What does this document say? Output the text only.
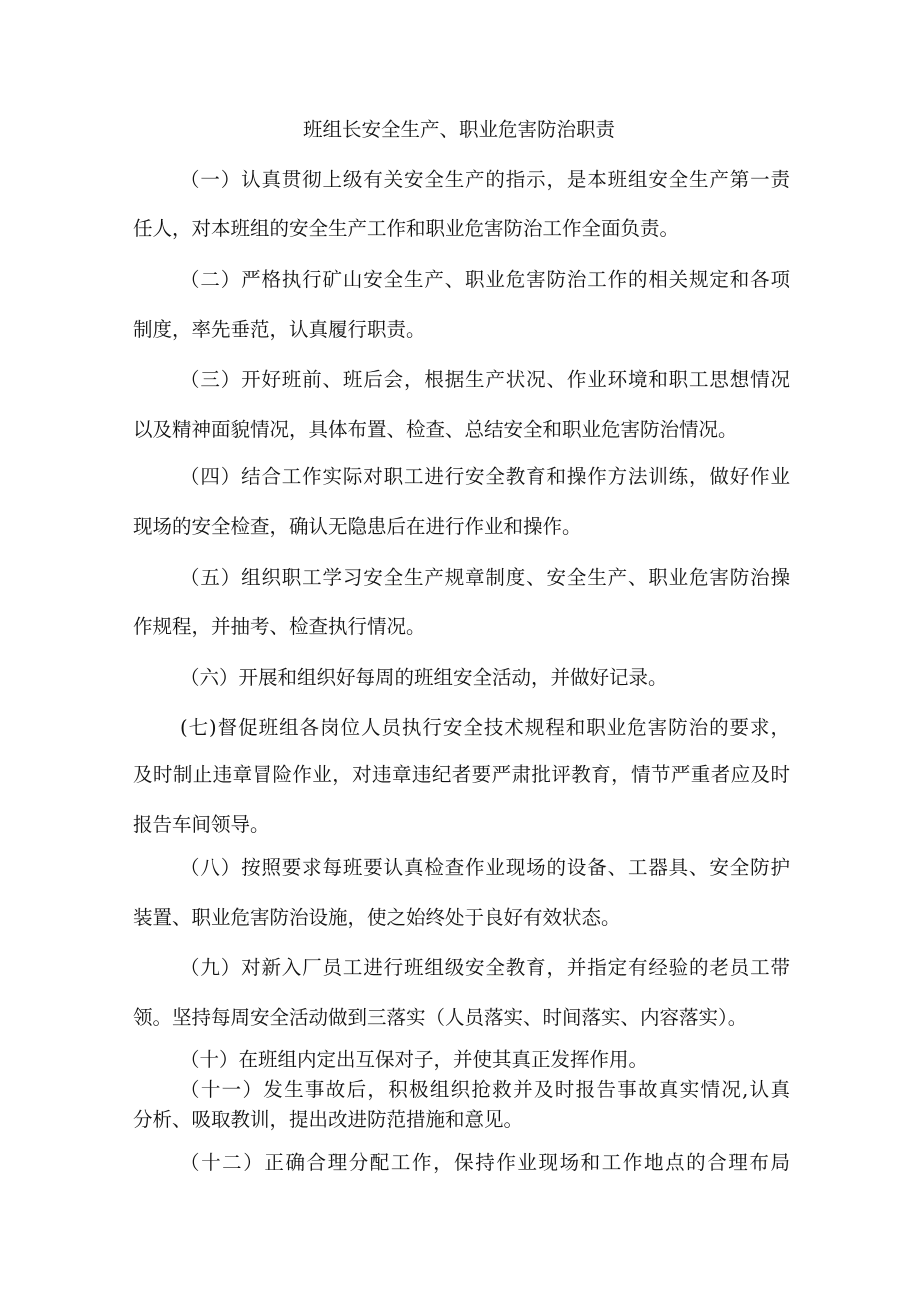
班组长安全生产、职业危害防治职责
（一）认真贯彻上级有关安全生产的指示，是本班组安全生产第一责
任人，对本班组的安全生产工作和职业危害防治工作全面负责。
（二）严格执行矿山安全生产、职业危害防治工作的相关规定和各项
制度，率先垂范，认真履行职责。
（三）开好班前、班后会，根据生产状况、作业环境和职工思想情况
以及精神面貌情况，具体布置、检查、总结安全和职业危害防治情况。
（四）结合工作实际对职工进行安全教育和操作方法训练，做好作业
现场的安全检查，确认无隐患后在进行作业和操作。
（五）组织职工学习安全生产规章制度、安全生产、职业危害防治操
作规程，并抽考、检查执行情况。
（六）开展和组织好每周的班组安全活动，并做好记录。
(七)督促班组各岗位人员执行安全技术规程和职业危害防治的要求，
及时制止违章冒险作业，对违章违纪者要严肃批评教育，情节严重者应及时
报告车间领导。
（八）按照要求每班要认真检查作业现场的设备、工器具、安全防护
装置、职业危害防治设施，使之始终处于良好有效状态。
（九）对新入厂员工进行班组级安全教育，并指定有经验的老员工带
领。坚持每周安全活动做到三落实（人员落实、时间落实、内容落实）。
（十）在班组内定出互保对子，并使其真正发挥作用。
（十一）发生事故后，积极组织抢救并及时报告事故真实情况,认真
分析、吸取教训，提出改进防范措施和意见。
（十二）正确合理分配工作，保持作业现场和工作地点的合理布局
